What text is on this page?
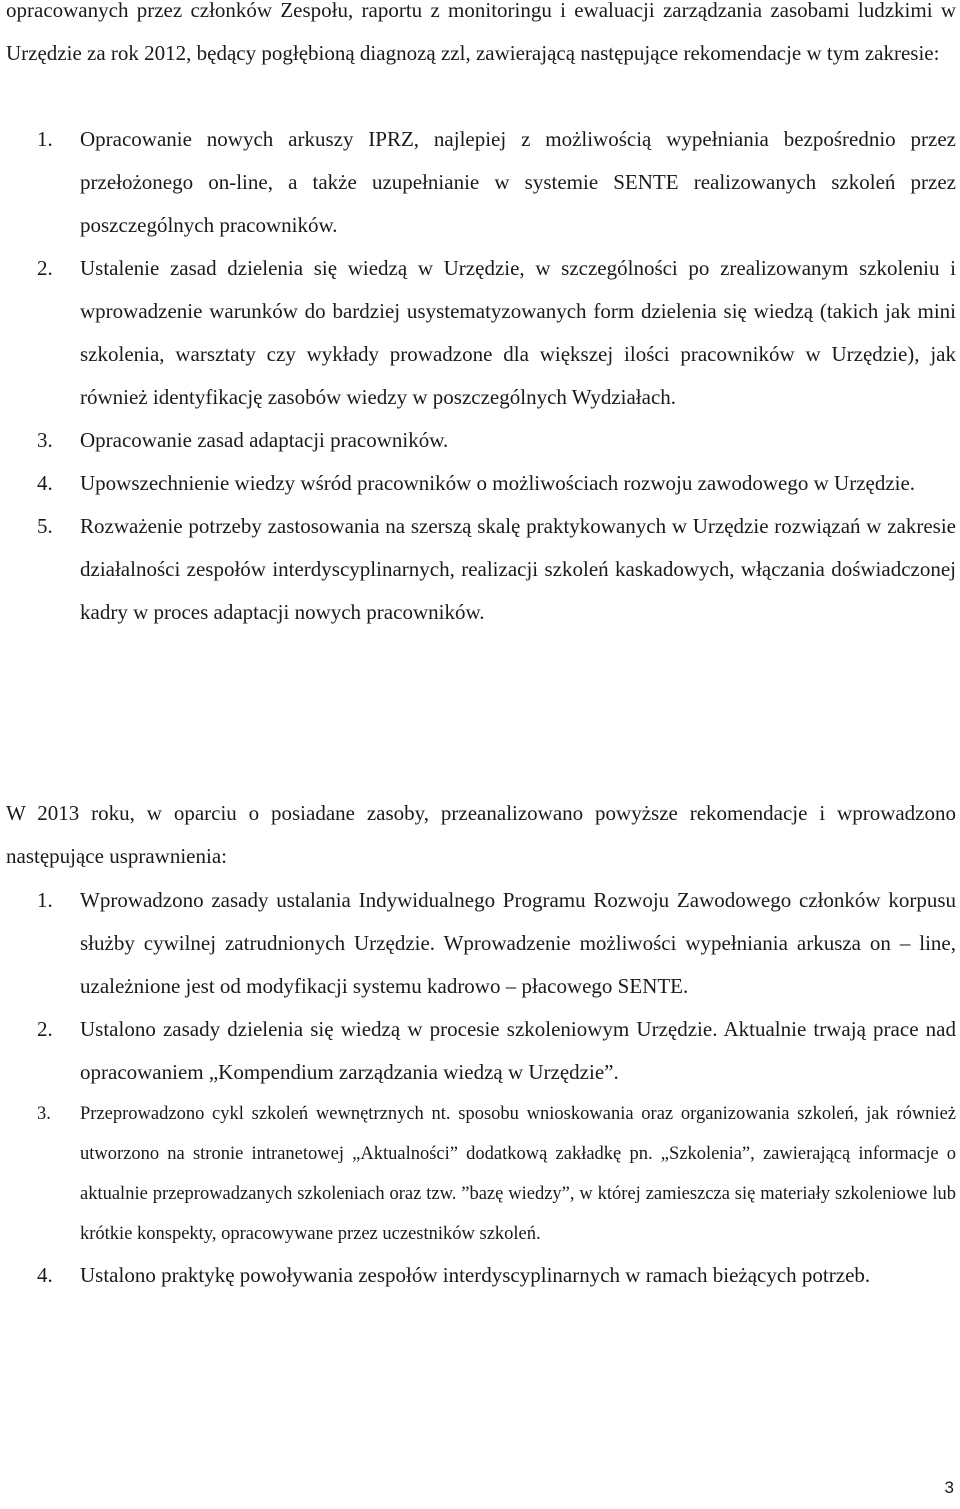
opracowanych przez członków Zespołu, raportu z monitoringu i ewaluacji zarządzania zasobami ludzkimi w Urzędzie za rok 2012, będący pogłębioną diagnozą zzl, zawierającą następujące rekomendacje w tym zakresie:

1. Opracowanie nowych arkuszy IPRZ, najlepiej z możliwością wypełniania bezpośrednio przez przełożonego on-line, a także uzupełnianie w systemie SENTE realizowanych szkoleń przez poszczególnych pracowników.
2. Ustalenie zasad dzielenia się wiedzą w Urzędzie, w szczególności po zrealizowanym szkoleniu i wprowadzenie warunków do bardziej usystematyzowanych form dzielenia się wiedzą (takich jak mini szkolenia, warsztaty czy wykłady prowadzone dla większej ilości pracowników w Urzędzie), jak również identyfikację zasobów wiedzy w poszczególnych Wydziałach.
3. Opracowanie zasad adaptacji pracowników.
4. Upowszechnienie wiedzy wśród pracowników o możliwościach rozwoju zawodowego w Urzędzie.
5. Rozważenie potrzeby zastosowania na szerszą skalę praktykowanych w Urzędzie rozwiązań w zakresie działalności zespołów interdyscyplinarnych, realizacji szkoleń kaskadowych, włączania doświadczonej kadry w proces adaptacji nowych pracowników.

W 2013 roku, w oparciu o posiadane zasoby, przeanalizowano powyższe rekomendacje i wprowadzono następujące usprawnienia:

1. Wprowadzono zasady ustalania Indywidualnego Programu Rozwoju Zawodowego członków korpusu służby cywilnej zatrudnionych Urzędzie. Wprowadzenie możliwości wypełniania arkusza on – line, uzależnione jest od modyfikacji systemu kadrowo – płacowego SENTE.
2. Ustalono zasady dzielenia się wiedzą w procesie szkoleniowym Urzędzie. Aktualnie trwają prace nad opracowaniem „Kompendium zarządzania wiedzą w Urzędzie”.
3. Przeprowadzono cykl szkoleń wewnętrznych nt. sposobu wnioskowania oraz organizowania szkoleń, jak również utworzono na stronie intranetowej „Aktualności” dodatkową zakładkę pn. „Szkolenia”, zawierającą informacje o aktualnie przeprowadzanych szkoleniach oraz tzw. ”bazę wiedzy”, w której zamieszcza się materiały szkoleniowe lub krótkie konspekty, opracowywane przez uczestników szkoleń.
4. Ustalono praktykę powoływania zespołów interdyscyplinarnych w ramach bieżących potrzeb.
3
